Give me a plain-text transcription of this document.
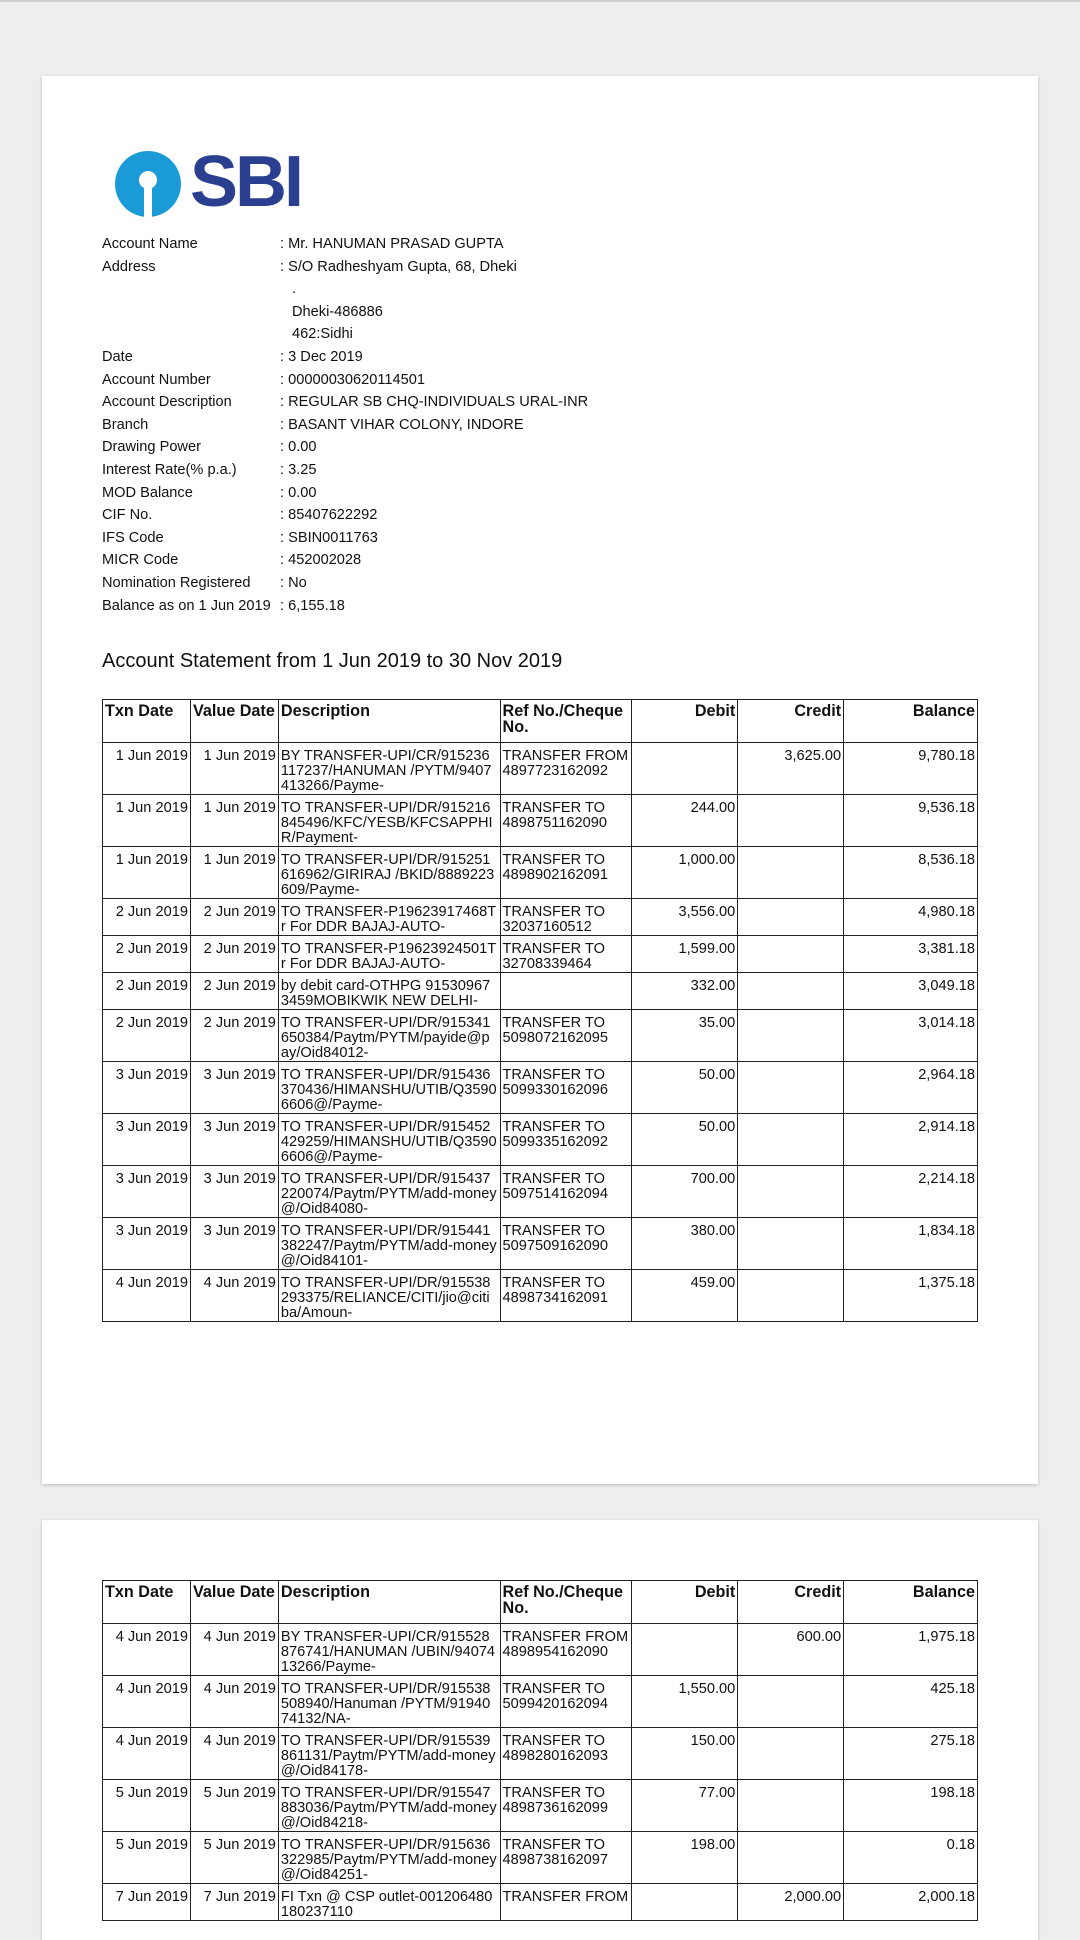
SBI
Account Name	: Mr. HANUMAN PRASAD GUPTA
Address	: S/O Radheshyam Gupta, 68, Dheki
.
Dheki-486886
462:Sidhi
Date	: 3 Dec 2019
Account Number	: 00000030620114501
Account Description	: REGULAR SB CHQ-INDIVIDUALS URAL-INR
Branch	: BASANT VIHAR COLONY, INDORE
Drawing Power	: 0.00
Interest Rate(% p.a.)	: 3.25
MOD Balance	: 0.00
CIF No.	: 85407622292
IFS Code	: SBIN0011763
MICR Code	: 452002028
Nomination Registered : No
Balance as on 1 Jun 2019 : 6,155.18
Account Statement from 1 Jun 2019 to 30 Nov 2019
Txn Date	Value Date	Description	Ref No./Cheque No.	Debit	Credit	Balance
1 Jun 2019	1 Jun 2019	BY TRANSFER-UPI/CR/915236117237/HANUMAN /PYTM/9407413266/Payme-	TRANSFER FROM 4897723162092		3,625.00	9,780.18
1 Jun 2019	1 Jun 2019	TO TRANSFER-UPI/DR/915216845496/KFC/YESB/KFCSAPPHIR/Payment-	TRANSFER TO 4898751162090	244.00		9,536.18
1 Jun 2019	1 Jun 2019	TO TRANSFER-UPI/DR/915251616962/GIRIRAJ /BKID/8889223609/Payme-	TRANSFER TO 4898902162091	1,000.00		8,536.18
2 Jun 2019	2 Jun 2019	TO TRANSFER-P19623917468Tr For DDR BAJAJ-AUTO-	TRANSFER TO 32037160512	3,556.00		4,980.18
2 Jun 2019	2 Jun 2019	TO TRANSFER-P19623924501Tr For DDR BAJAJ-AUTO-	TRANSFER TO 32708339464	1,599.00		3,381.18
2 Jun 2019	2 Jun 2019	by debit card-OTHPG 915309673459MOBIKWIK NEW DELHI-		332.00		3,049.18
2 Jun 2019	2 Jun 2019	TO TRANSFER-UPI/DR/915341650384/Paytm/PYTM/payide@pay/Oid84012-	TRANSFER TO 5098072162095	35.00		3,014.18
3 Jun 2019	3 Jun 2019	TO TRANSFER-UPI/DR/915436370436/HIMANSHU/UTIB/Q35906606@/Payme-	TRANSFER TO 5099330162096	50.00		2,964.18
3 Jun 2019	3 Jun 2019	TO TRANSFER-UPI/DR/915452429259/HIMANSHU/UTIB/Q35906606@/Payme-	TRANSFER TO 5099335162092	50.00		2,914.18
3 Jun 2019	3 Jun 2019	TO TRANSFER-UPI/DR/915437220074/Paytm/PYTM/add-money@/Oid84080-	TRANSFER TO 5097514162094	700.00		2,214.18
3 Jun 2019	3 Jun 2019	TO TRANSFER-UPI/DR/915441382247/Paytm/PYTM/add-money@/Oid84101-	TRANSFER TO 5097509162090	380.00		1,834.18
4 Jun 2019	4 Jun 2019	TO TRANSFER-UPI/DR/915538293375/RELIANCE/CITI/jio@citiba/Amoun-	TRANSFER TO 4898734162091	459.00		1,375.18
Txn Date	Value Date	Description	Ref No./Cheque No.	Debit	Credit	Balance
4 Jun 2019	4 Jun 2019	BY TRANSFER-UPI/CR/915528876741/HANUMAN /UBIN/9407413266/Payme-	TRANSFER FROM 4898954162090		600.00	1,975.18
4 Jun 2019	4 Jun 2019	TO TRANSFER-UPI/DR/915538508940/Hanuman /PYTM/9194074132/NA-	TRANSFER TO 5099420162094	1,550.00		425.18
4 Jun 2019	4 Jun 2019	TO TRANSFER-UPI/DR/915539861131/Paytm/PYTM/add-money@/Oid84178-	TRANSFER TO 4898280162093	150.00		275.18
5 Jun 2019	5 Jun 2019	TO TRANSFER-UPI/DR/915547883036/Paytm/PYTM/add-money@/Oid84218-	TRANSFER TO 4898736162099	77.00		198.18
5 Jun 2019	5 Jun 2019	TO TRANSFER-UPI/DR/915636322985/Paytm/PYTM/add-money@/Oid84251-	TRANSFER TO 4898738162097	198.00		0.18
7 Jun 2019	7 Jun 2019	FI Txn @ CSP outlet-001206480180237110	TRANSFER FROM		2,000.00	2,000.18
